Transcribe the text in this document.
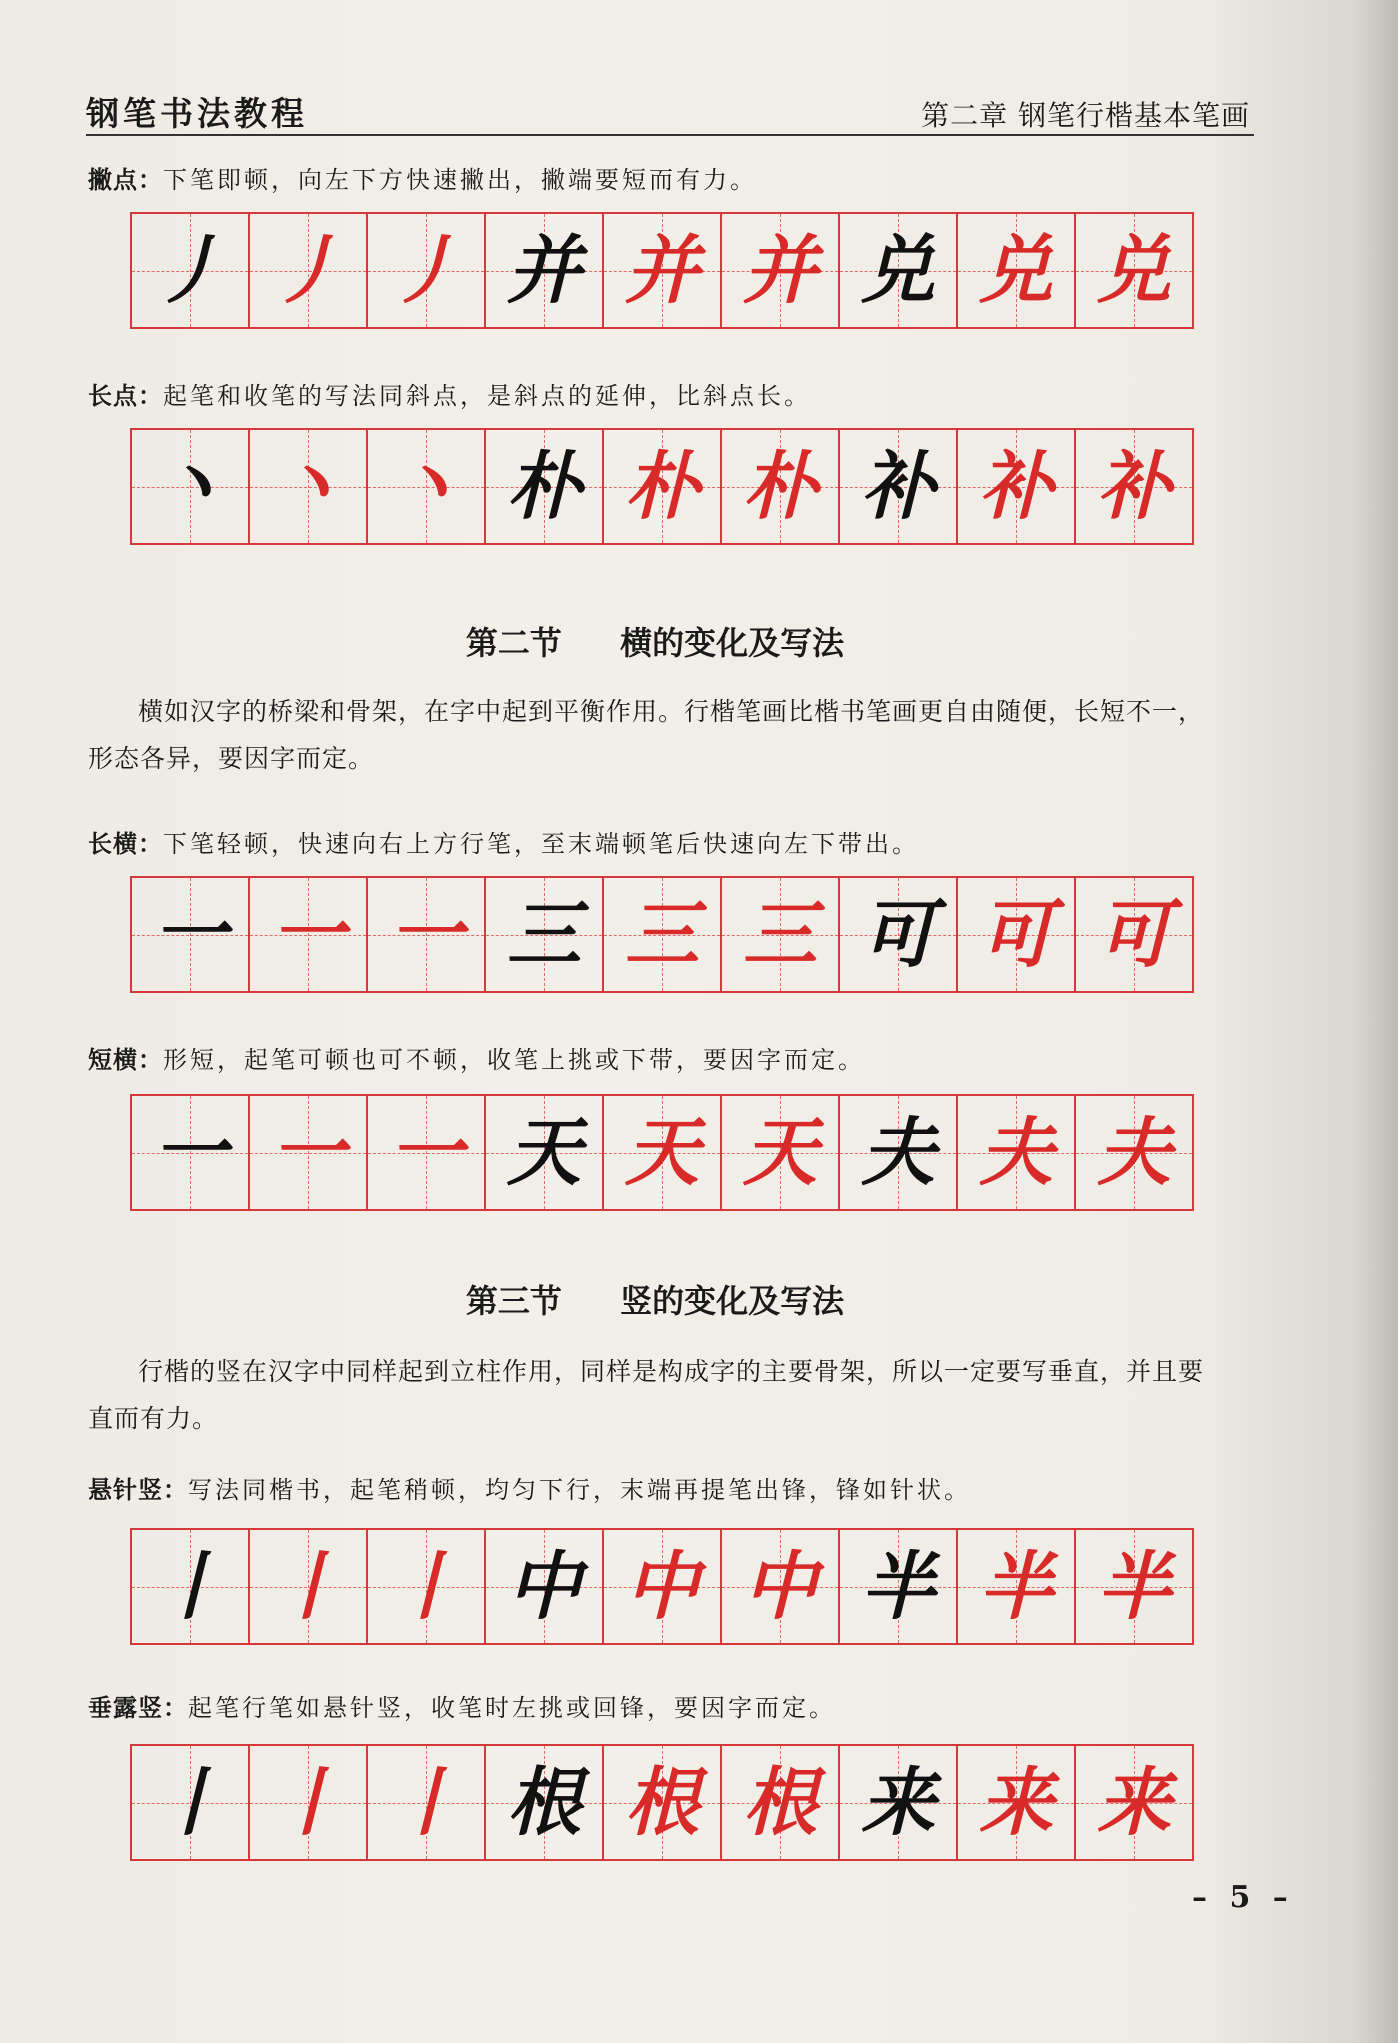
钢笔书法教程	第二章 钢笔行楷基本笔画
撇点：下笔即顿，向左下方快速撇出，撇端要短而有力。
丿 丿 丿 并 并 并 兑 兑 兑
长点：起笔和收笔的写法同斜点，是斜点的延伸，比斜点长。
丶 丶 丶 朴 朴 朴 补 补 补
第二节  横的变化及写法
横如汉字的桥梁和骨架，在字中起到平衡作用。行楷笔画比楷书笔画更自由随便，长短不一，形态各异，要因字而定。
长横：下笔轻顿，快速向右上方行笔，至末端顿笔后快速向左下带出。
一 一 一 三 三 三 可 可 可
短横：形短，起笔可顿也可不顿，收笔上挑或下带，要因字而定。
一 一 一 天 天 天 夫 夫 夫
第三节  竖的变化及写法
行楷的竖在汉字中同样起到立柱作用，同样是构成字的主要骨架，所以一定要写垂直，并且要直而有力。
悬针竖：写法同楷书，起笔稍顿，均匀下行，末端再提笔出锋，锋如针状。
丨 丨 丨 中 中 中 半 半 半
垂露竖：起笔行笔如悬针竖，收笔时左挑或回锋，要因字而定。
丨 丨 丨 根 根 根 来 来 来
– 5 –
